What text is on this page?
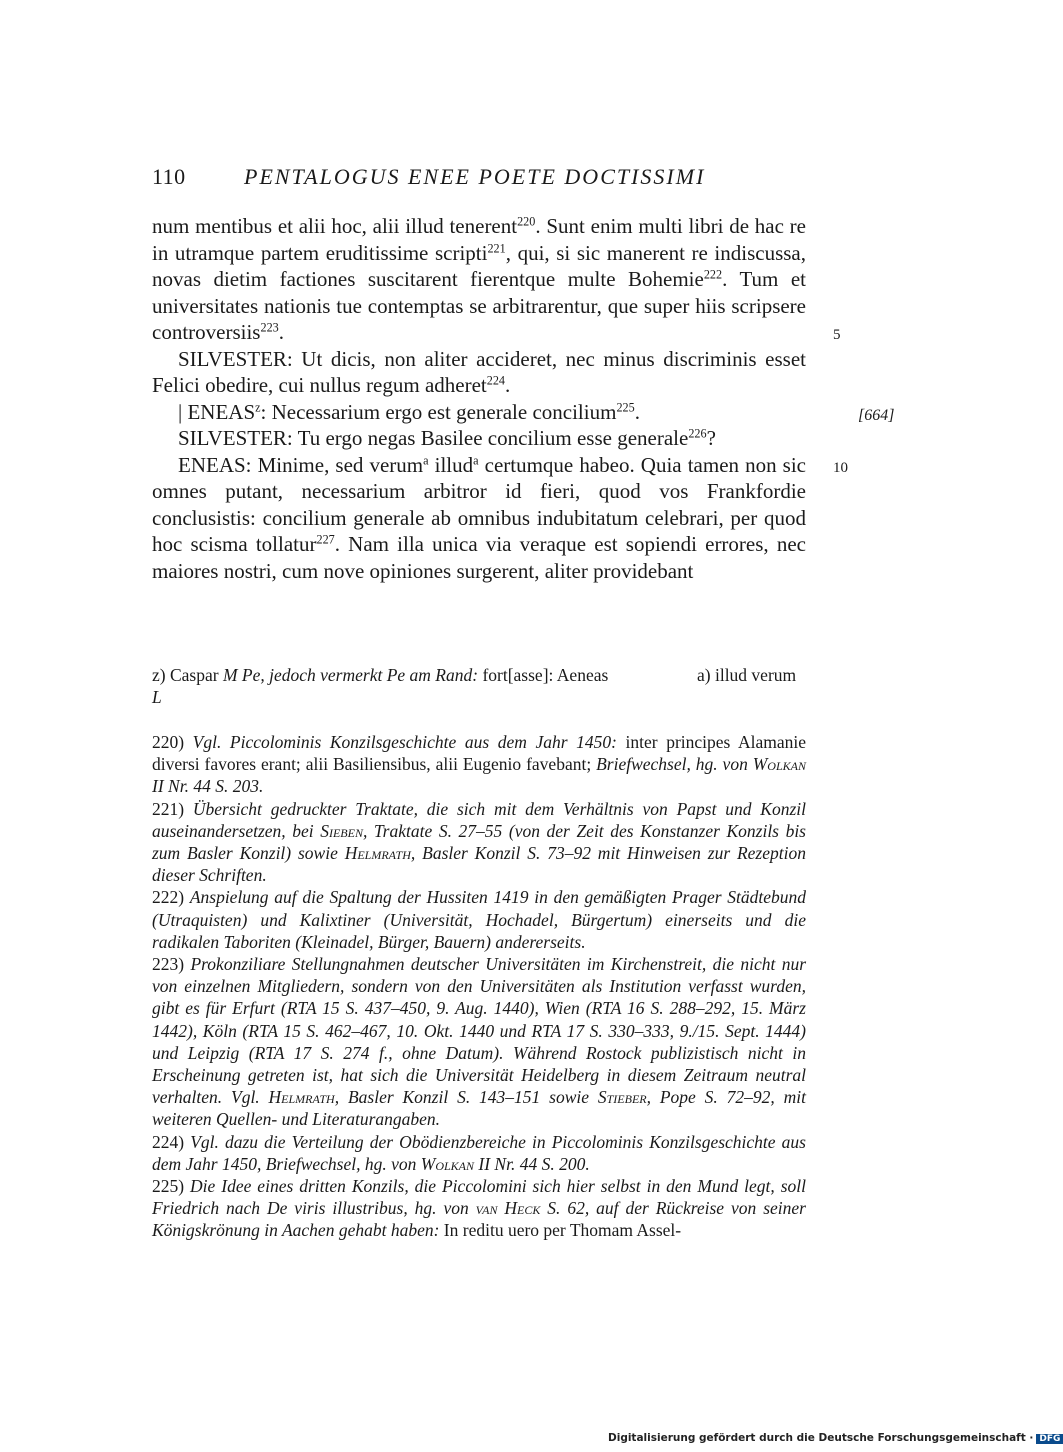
110	PENTALOGUS ENEE POETE DOCTISSIMI

num mentibus et alii hoc, alii illud tenerent$^{220}$. Sunt enim multi libri de hac re in utramque partem eruditissime scripti$^{221}$, qui, si sic manerent re indiscussa, novas dietim factiones suscitarent fierentque multe Bohemie$^{222}$. Tum et universitates nationis tue contemptas se arbitrarentur, que super hiis scripsere controversiis$^{223}$.

SILVESTER: Ut dicis, non aliter accideret, nec minus discriminis esset Felici obedire, cui nullus regum adheret$^{224}$.

| ENEAS$^z$: Necessarium ergo est generale concilium$^{225}$.

SILVESTER: Tu ergo negas Basilee concilium esse generale$^{226}$?

ENEAS: Minime, sed verum$^a$ illud$^a$ certumque habeo. Quia tamen non sic omnes putant, necessarium arbitror id fieri, quod vos Frankfordie conclusistis: concilium generale ab omnibus indubitatum celebrari, per quod hoc scisma tollatur$^{227}$. Nam illa unica via veraque est sopiendi errores, nec maiores nostri, cum nove opiniones surgerent, aliter providebant

5
10
[664]
z) Caspar M Pe, jedoch vermerkt Pe am Rand: fort[asse]: Aeneas
L
a) illud verum

220) Vgl. Piccolominis Konzilsgeschichte aus dem Jahr 1450: inter principes Alamanie diversi favores erant; alii Basiliensibus, alii Eugenio favebant; Briefwechsel, hg. von Wolkan II Nr. 44 S. 203.

221) Übersicht gedruckter Traktate, die sich mit dem Verhältnis von Papst und Konzil auseinandersetzen, bei Sieben, Traktate S. 27–55 (von der Zeit des Konstanzer Konzils bis zum Basler Konzil) sowie Helmrath, Basler Konzil S. 73–92 mit Hinweisen zur Rezeption dieser Schriften.

222) Anspielung auf die Spaltung der Hussiten 1419 in den gemäßigten Prager Städtebund (Utraquisten) und Kalixtiner (Universität, Hochadel, Bürgertum) einerseits und die radikalen Taboriten (Kleinadel, Bürger, Bauern) andererseits.

223) Prokonziliare Stellungnahmen deutscher Universitäten im Kirchenstreit, die nicht nur von einzelnen Mitgliedern, sondern von den Universitäten als Institution verfasst wurden, gibt es für Erfurt (RTA 15 S. 437–450, 9. Aug. 1440), Wien (RTA 16 S. 288–292, 15. März 1442), Köln (RTA 15 S. 462–467, 10. Okt. 1440 und RTA 17 S. 330–333, 9./15. Sept. 1444) und Leipzig (RTA 17 S. 274 f., ohne Datum). Während Rostock publizistisch nicht in Erscheinung getreten ist, hat sich die Universität Heidelberg in diesem Zeitraum neutral verhalten. Vgl. Helmrath, Basler Konzil S. 143–151 sowie Stieber, Pope S. 72–92, mit weiteren Quellen- und Literaturangaben.

224) Vgl. dazu die Verteilung der Obödienzbereiche in Piccolominis Konzilsgeschichte aus dem Jahr 1450, Briefwechsel, hg. von Wolkan II Nr. 44 S. 200.

225) Die Idee eines dritten Konzils, die Piccolomini sich hier selbst in den Mund legt, soll Friedrich nach De viris illustribus, hg. von van Heck S. 62, auf der Rückreise von seiner Königskrönung in Aachen gehabt haben: In reditu uero per Thomam Assel-

Digitalisierung gefördert durch die Deutsche Forschungsgemeinschaft · DFG
